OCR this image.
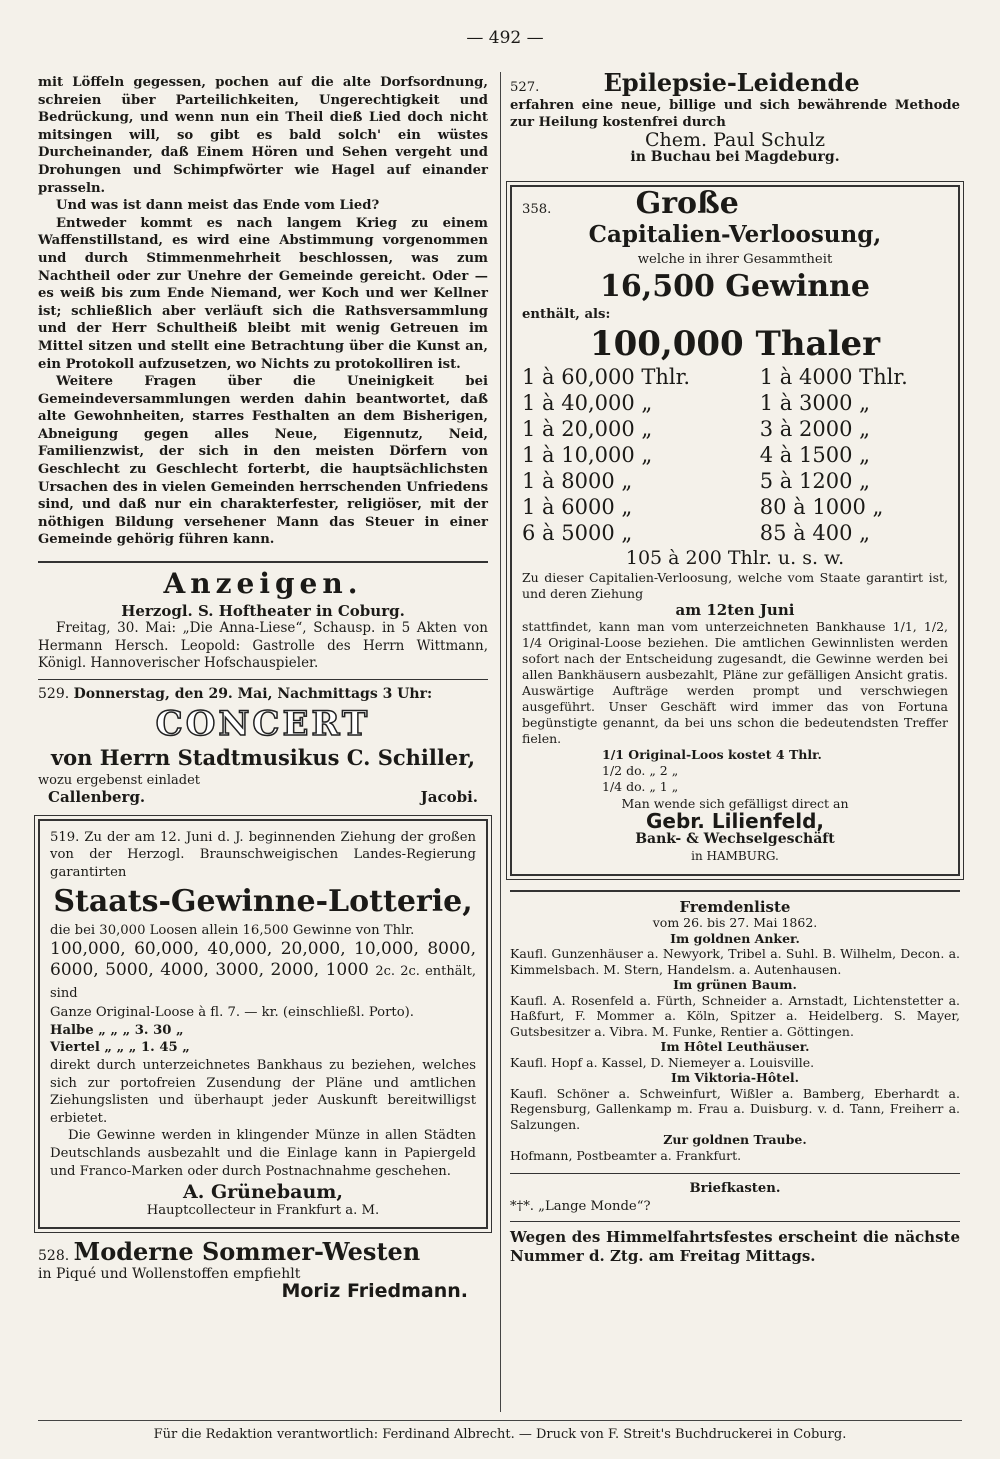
— 492 —

mit Löffeln gegessen, pochen auf die alte Dorfsordnung, schreien über Parteilichkeiten, Ungerechtigkeit und Bedrückung, und wenn nun ein Theil dieß Lied doch nicht mitsingen will, so gibt es bald solch' ein wüstes Durcheinander, daß Einem Hören und Sehen vergeht und Drohungen und Schimpfwörter wie Hagel auf einander prasseln.

Und was ist dann meist das Ende vom Lied?

Entweder kommt es nach langem Krieg zu einem Waffenstillstand, es wird eine Abstimmung vorgenommen und durch Stimmenmehrheit beschlossen, was zum Nachtheil oder zur Unehre der Gemeinde gereicht. Oder — es weiß bis zum Ende Niemand, wer Koch und wer Kellner ist; schließlich aber verläuft sich die Rathsversammlung und der Herr Schultheiß bleibt mit wenig Getreuen im Mittel sitzen und stellt eine Betrachtung über die Kunst an, ein Protokoll aufzusetzen, wo Nichts zu protokolliren ist.

Weitere Fragen über die Uneinigkeit bei Gemeindeversammlungen werden dahin beantwortet, daß alte Gewohnheiten, starres Festhalten an dem Bisherigen, Abneigung gegen alles Neue, Eigennutz, Neid, Familienzwist, der sich in den meisten Dörfern von Geschlecht zu Geschlecht forterbt, die hauptsächlichsten Ursachen des in vielen Gemeinden herrschenden Unfriedens sind, und daß nur ein charakterfester, religiöser, mit der nöthigen Bildung versehener Mann das Steuer in einer Gemeinde gehörig führen kann.

Anzeigen.
Herzogl. S. Hoftheater in Coburg.

Freitag, 30. Mai: „Die Anna-Liese“, Schausp. in 5 Akten von Hermann Hersch. Leopold: Gastrolle des Herrn Wittmann, Königl. Hannoverischer Hofschauspieler.

529. Donnerstag, den 29. Mai, Nachmittags 3 Uhr:
CONCERT
von Herrn Stadtmusikus C. Schiller,
wozu ergebenst einladet
Callenberg.	Jacobi.

519. Zu der am 12. Juni d. J. beginnenden Ziehung der großen von der Herzogl. Braunschweigischen Landes-Regierung garantirten

Staats-Gewinne-Lotterie,

die bei 30,000 Loosen allein 16,500 Gewinne von Thlr.

100,000, 60,000, 40,000, 20,000, 10,000, 8000, 6000, 5000, 4000, 3000, 2000, 1000 2c. 2c. enthält, sind

Ganze Original-Loose à fl. 7. — kr. (einschließl. Porto).

Halbe „ „ „ 3. 30 „

Viertel „ „ „ 1. 45 „

direkt durch unterzeichnetes Bankhaus zu beziehen, welches sich zur portofreien Zusendung der Pläne und amtlichen Ziehungslisten und überhaupt jeder Auskunft bereitwilligst erbietet.

Die Gewinne werden in klingender Münze in allen Städten Deutschlands ausbezahlt und die Einlage kann in Papiergeld und Franco-Marken oder durch Postnachnahme geschehen.

A. Grünebaum,
Hauptcollecteur in Frankfurt a. M.
528. Moderne Sommer-Westen
in Piqué und Wollenstoffen empfiehlt
Moriz Friedmann.
527.	Epilepsie-Leidende

erfahren eine neue, billige und sich bewährende Methode zur Heilung kostenfrei durch

Chem. Paul Schulz
in Buchau bei Magdeburg.
358.	Große
Capitalien-Verloosung,
welche in ihrer Gesammtheit
16,500 Gewinne
enthält, als:
100,000 Thaler
1 à 60,000 Thlr.	1 à 4000 Thlr.
1 à 40,000 „	1 à 3000 „
1 à 20,000 „	3 à 2000 „
1 à 10,000 „	4 à 1500 „
1 à 8000 „	5 à 1200 „
1 à 6000 „	80 à 1000 „
6 à 5000 „	85 à 400 „
105 à 200 Thlr. u. s. w.

Zu dieser Capitalien-Verloosung, welche vom Staate garantirt ist, und deren Ziehung

am 12ten Juni

stattfindet, kann man vom unterzeichneten Bankhause 1/1, 1/2, 1/4 Original-Loose beziehen. Die amtlichen Gewinnlisten werden sofort nach der Entscheidung zugesandt, die Gewinne werden bei allen Bankhäusern ausbezahlt, Pläne zur gefälligen Ansicht gratis. Auswärtige Aufträge werden prompt und verschwiegen ausgeführt. Unser Geschäft wird immer das von Fortuna begünstigte genannt, da bei uns schon die bedeutendsten Treffer fielen.

1/1 Original-Loos kostet 4 Thlr.
1/2 do. „ 2 „
1/4 do. „ 1 „
Man wende sich gefälligst direct an
Gebr. Lilienfeld,
Bank- & Wechselgeschäft
in HAMBURG.
Fremdenliste
vom 26. bis 27. Mai 1862.
Im goldnen Anker.

Kaufl. Gunzenhäuser a. Newyork, Tribel a. Suhl. B. Wilhelm, Decon. a. Kimmelsbach. M. Stern, Handelsm. a. Autenhausen.

Im grünen Baum.

Kaufl. A. Rosenfeld a. Fürth, Schneider a. Arnstadt, Lichtenstetter a. Haßfurt, F. Mommer a. Köln, Spitzer a. Heidelberg. S. Mayer, Gutsbesitzer a. Vibra. M. Funke, Rentier a. Göttingen.

Im Hôtel Leuthäuser.

Kaufl. Hopf a. Kassel, D. Niemeyer a. Louisville.

Im Viktoria-Hôtel.

Kaufl. Schöner a. Schweinfurt, Wißler a. Bamberg, Eberhardt a. Regensburg, Gallenkamp m. Frau a. Duisburg. v. d. Tann, Freiherr a. Salzungen.

Zur goldnen Traube.

Hofmann, Postbeamter a. Frankfurt.

Briefkasten.
*†*. „Lange Monde“?

Wegen des Himmelfahrtsfestes erscheint die nächste Nummer d. Ztg. am Freitag Mittags.

Für die Redaktion verantwortlich: Ferdinand Albrecht. — Druck von F. Streit's Buchdruckerei in Coburg.
